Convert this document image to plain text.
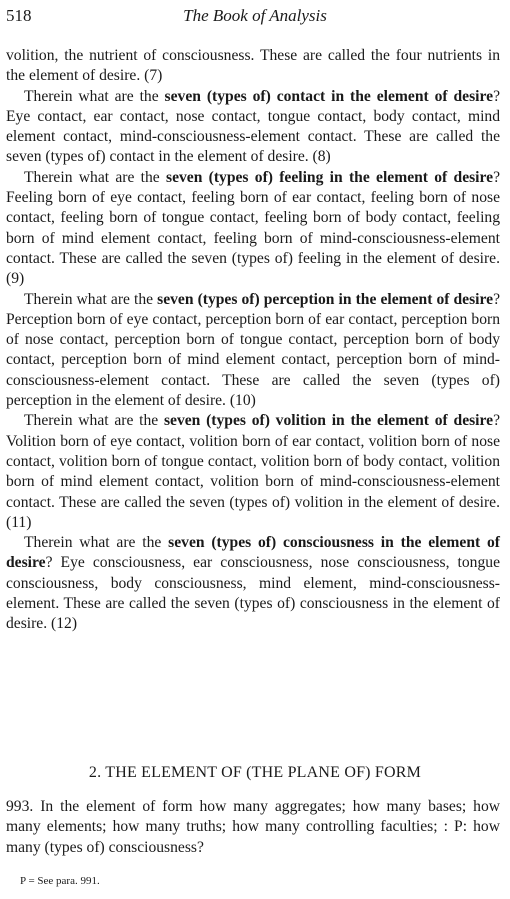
518	The Book of Analysis

volition, the nutrient of consciousness. These are called the four nutrients in the element of desire. (7)

Therein what are the seven (types of) contact in the element of desire? Eye contact, ear contact, nose contact, tongue contact, body contact, mind element contact, mind-consciousness-element contact. These are called the seven (types of) contact in the element of desire. (8)

Therein what are the seven (types of) feeling in the element of desire? Feeling born of eye contact, feeling born of ear contact, feeling born of nose contact, feeling born of tongue contact, feeling born of body contact, feeling born of mind element contact, feeling born of mind-consciousness-element contact. These are called the seven (types of) feeling in the element of desire. (9)

Therein what are the seven (types of) perception in the element of desire? Perception born of eye contact, perception born of ear contact, perception born of nose contact, perception born of tongue contact, perception born of body contact, perception born of mind element contact, perception born of mind-consciousness-element contact. These are called the seven (types of) perception in the element of desire. (10)

Therein what are the seven (types of) volition in the element of desire? Volition born of eye contact, volition born of ear contact, volition born of nose contact, volition born of tongue contact, volition born of body contact, volition born of mind element contact, volition born of mind-consciousness-element contact. These are called the seven (types of) volition in the element of desire. (11)

Therein what are the seven (types of) consciousness in the element of desire? Eye consciousness, ear consciousness, nose consciousness, tongue consciousness, body consciousness, mind element, mind-consciousness-element. These are called the seven (types of) consciousness in the element of desire. (12)

2. THE ELEMENT OF (THE PLANE OF) FORM

993. In the element of form how many aggregates; how many bases; how many elements; how many truths; how many controlling faculties; : P: how many (types of) consciousness?

P = See para. 991.
